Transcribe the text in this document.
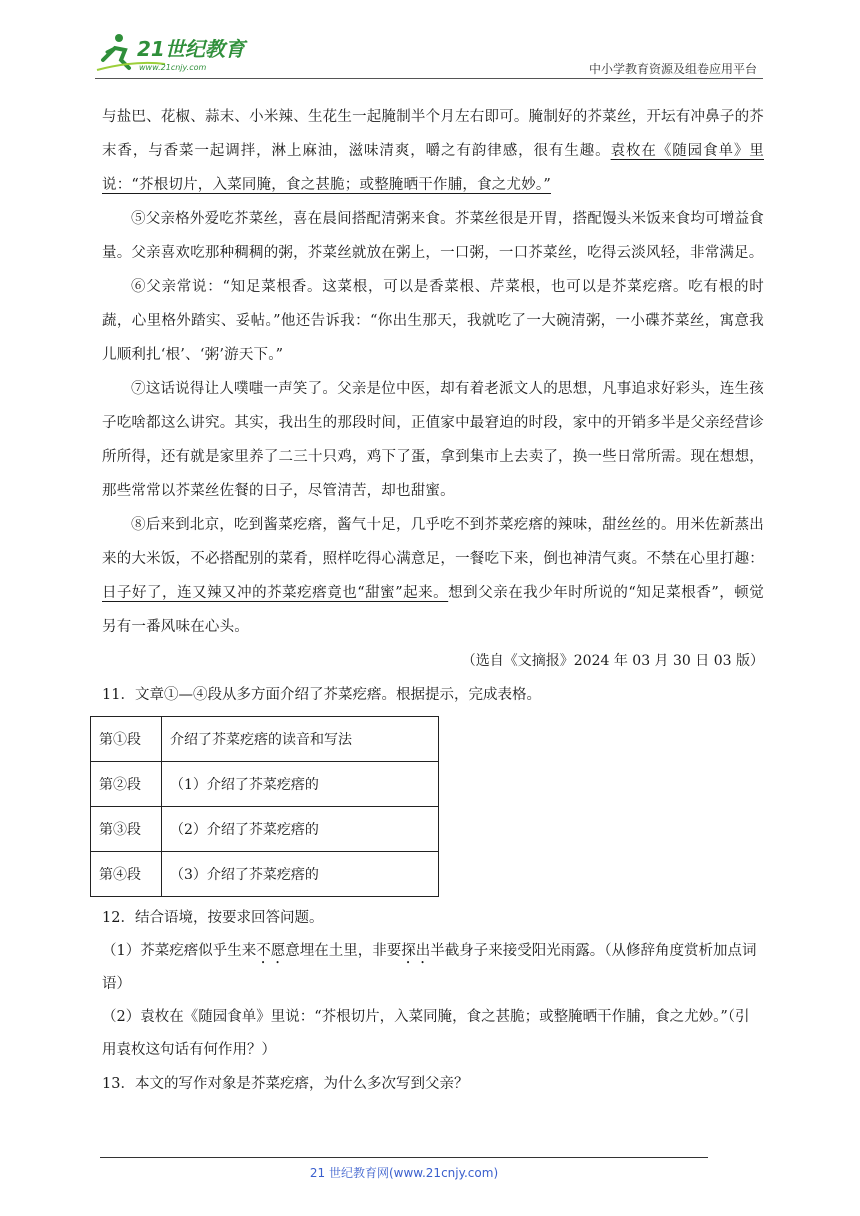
21世纪教育
www.21cnjy.com	中小学教育资源及组卷应用平台

与盐巴、花椒、蒜末、小米辣、生花生一起腌制半个月左右即可。腌制好的芥菜丝，开坛有冲鼻子的芥末香，与香菜一起调拌，淋上麻油，滋味清爽，嚼之有韵律感，很有生趣。袁枚在《随园食单》里说：“芥根切片，入菜同腌，食之甚脆；或整腌晒干作脯，食之尤妙。”

⑤父亲格外爱吃芥菜丝，喜在晨间搭配清粥来食。芥菜丝很是开胃，搭配馒头米饭来食均可增益食量。父亲喜欢吃那种稠稠的粥，芥菜丝就放在粥上，一口粥，一口芥菜丝，吃得云淡风轻，非常满足。

⑥父亲常说：“知足菜根香。这菜根，可以是香菜根、芹菜根，也可以是芥菜疙瘩。吃有根的时蔬，心里格外踏实、妥帖。”他还告诉我：“你出生那天，我就吃了一大碗清粥，一小碟芥菜丝，寓意我儿顺利扎‘根’、‘粥’游天下。”

⑦这话说得让人噗嗤一声笑了。父亲是位中医，却有着老派文人的思想，凡事追求好彩头，连生孩子吃啥都这么讲究。其实，我出生的那段时间，正值家中最窘迫的时段，家中的开销多半是父亲经营诊所所得，还有就是家里养了二三十只鸡，鸡下了蛋，拿到集市上去卖了，换一些日常所需。现在想想，那些常常以芥菜丝佐餐的日子，尽管清苦，却也甜蜜。

⑧后来到北京，吃到酱菜疙瘩，酱气十足，几乎吃不到芥菜疙瘩的辣味，甜丝丝的。用米佐新蒸出来的大米饭，不必搭配别的菜肴，照样吃得心满意足，一餐吃下来，倒也神清气爽。不禁在心里打趣：日子好了，连又辣又冲的芥菜疙瘩竟也“甜蜜”起来。想到父亲在我少年时所说的“知足菜根香”，顿觉另有一番风味在心头。

（选自《文摘报》2024 年 03 月 30 日 03 版）

11．文章①—④段从多方面介绍了芥菜疙瘩。根据提示，完成表格。

第①段	介绍了芥菜疙瘩的读音和写法
第②段	（1）介绍了芥菜疙瘩的
第③段	（2）介绍了芥菜疙瘩的
第④段	（3）介绍了芥菜疙瘩的

12．结合语境，按要求回答问题。

（1）芥菜疙瘩似乎生来不愿意埋在土里，非要探出半截身子来接受阳光雨露。（从修辞角度赏析加点词语）

（2）袁枚在《随园食单》里说：“芥根切片，入菜同腌，食之甚脆；或整腌晒干作脯，食之尤妙。”（引用袁枚这句话有何作用？）

13．本文的写作对象是芥菜疙瘩，为什么多次写到父亲？

21 世纪教育网(www.21cnjy.com)
